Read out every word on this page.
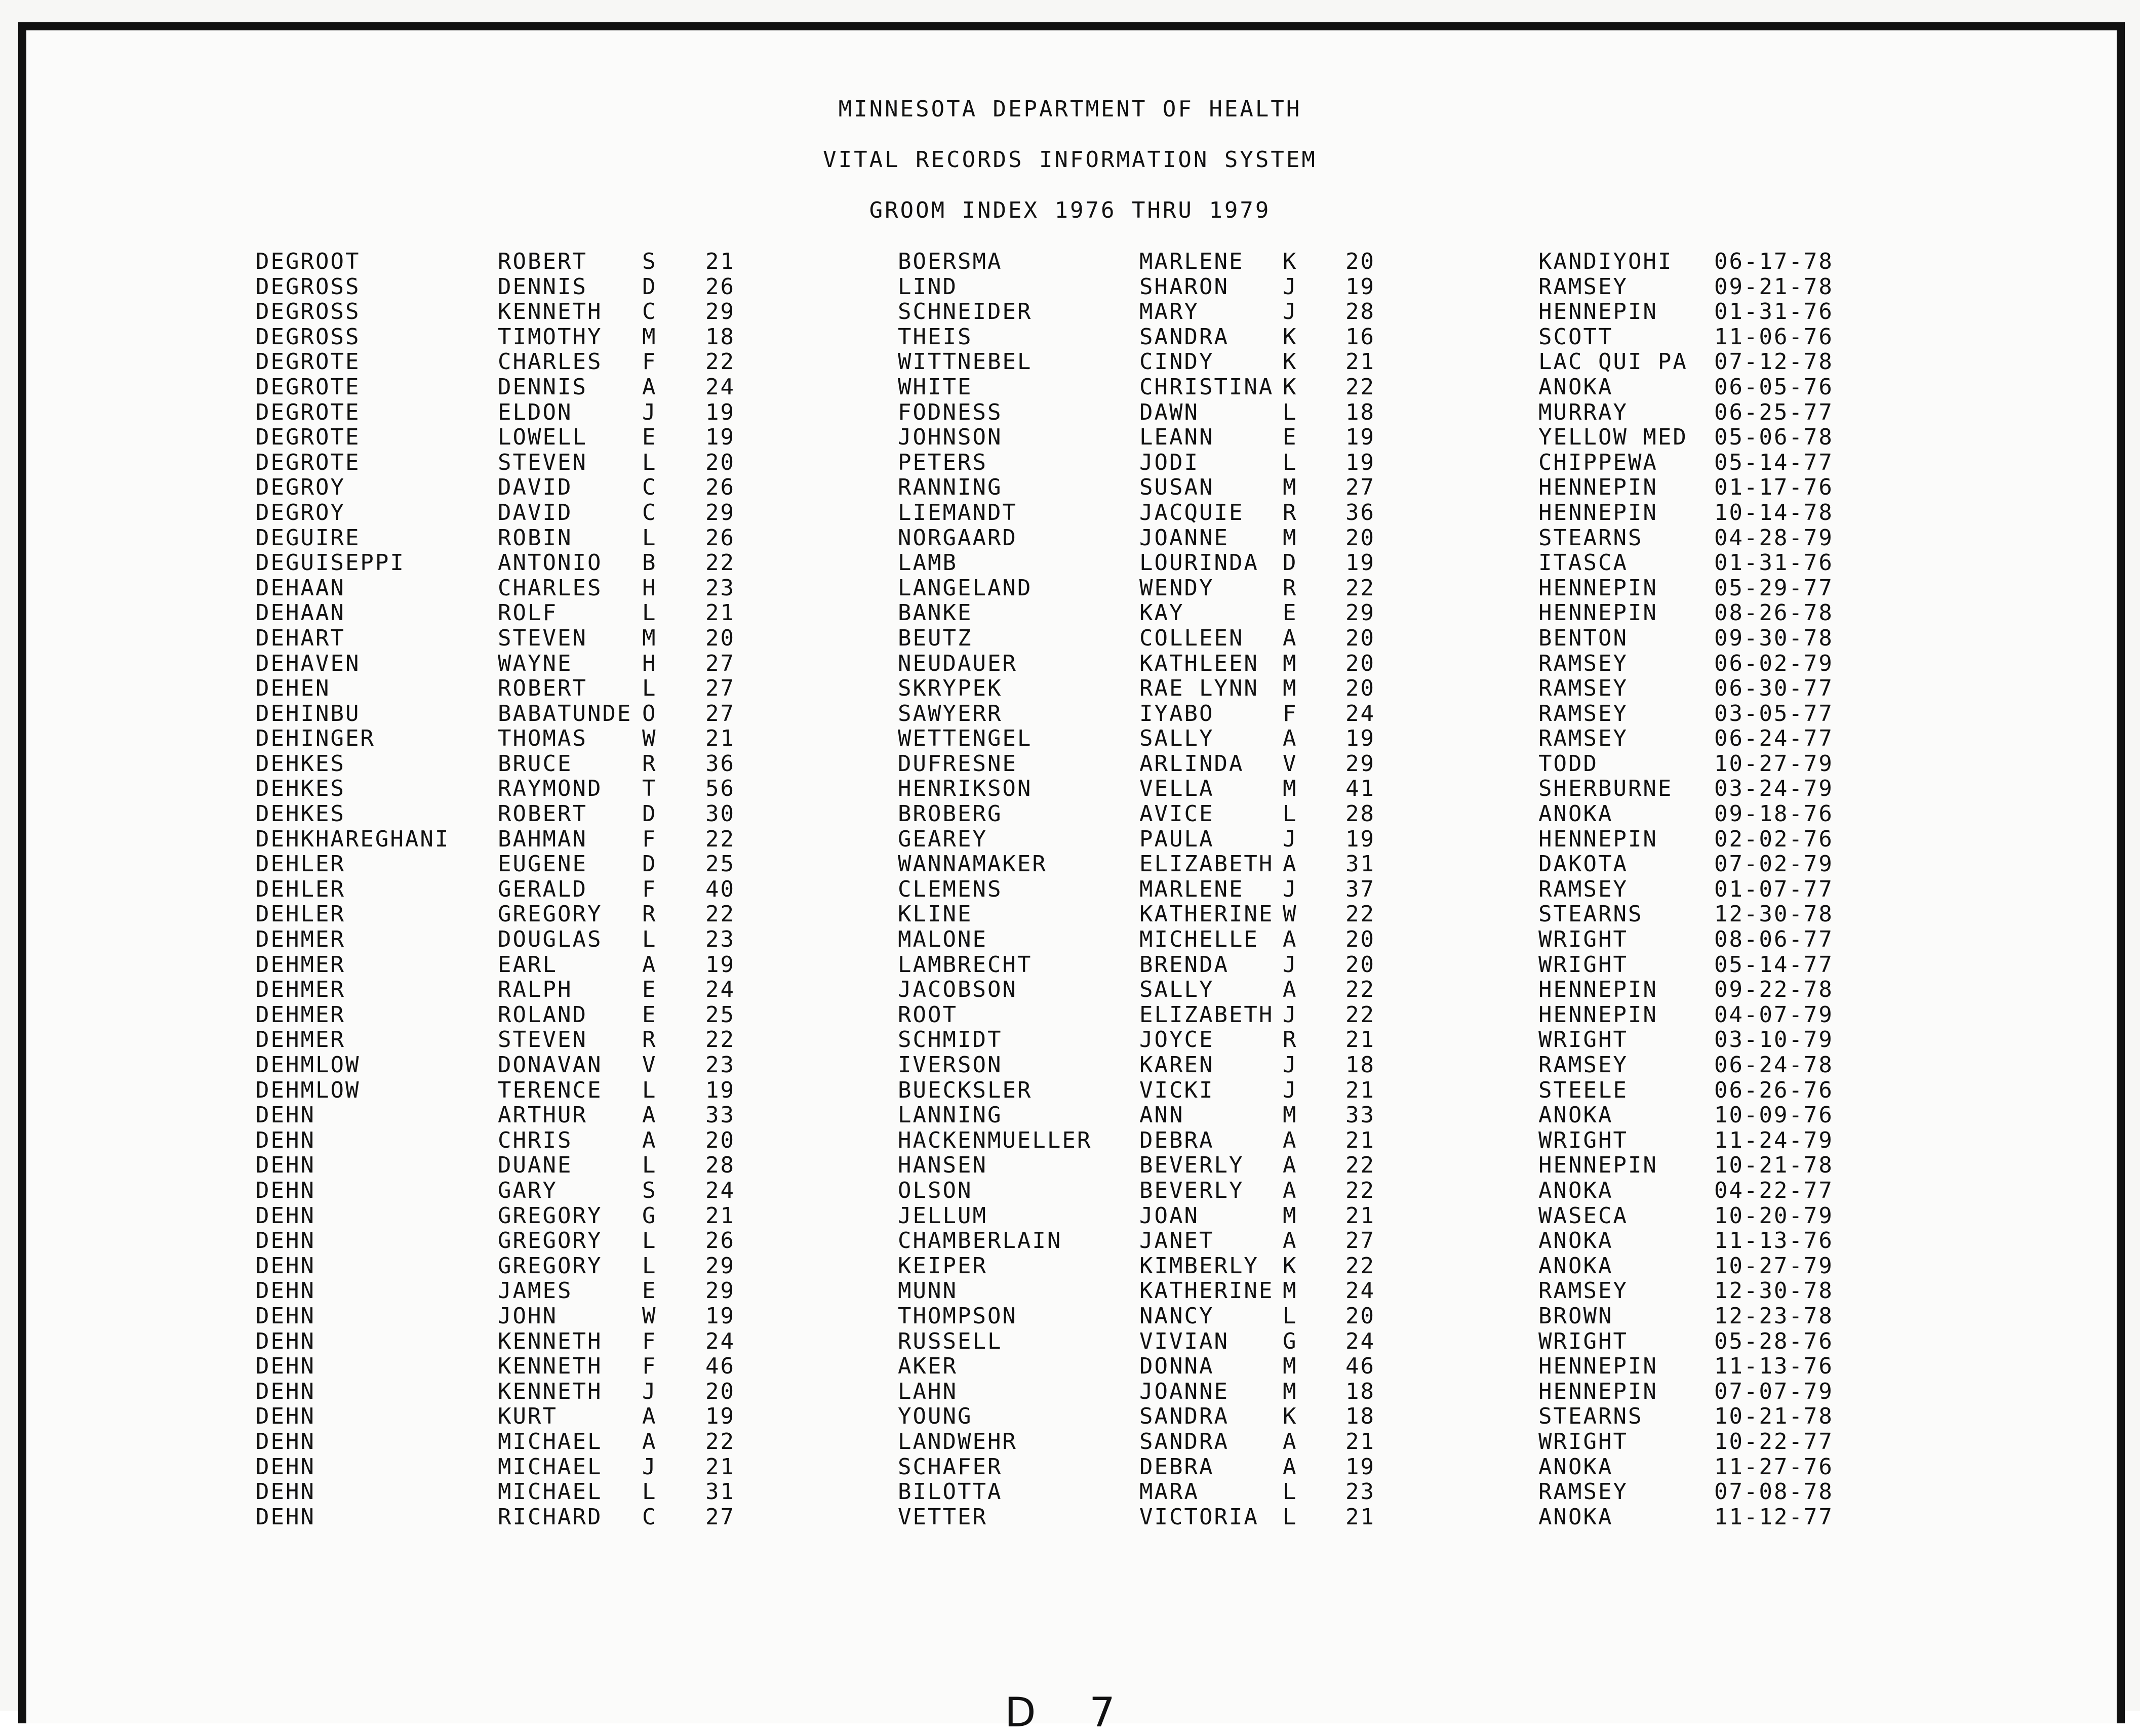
MINNESOTA DEPARTMENT OF HEALTH
VITAL RECORDS INFORMATION SYSTEM
GROOM INDEX 1976 THRU 1979
DEGROOT	ROBERT S 21	BOERSMA	MARLENE K 20	KANDIYOHI 06-17-78
DEGROSS	DENNIS D 26	LIND	SHARON J 19	RAMSEY	09-21-78
DEGROSS	KENNETH C 29	SCHNEIDER	MARY	J 28	HENNEPIN	01-31-76
DEGROSS	TIMOTHY M 18	THEIS	SANDRA K 16	SCOTT	11-06-76
DEGROTE	CHARLES F 22	WITTNEBEL	CINDY	K 21	LAC QUI PA 07-12-78
DEGROTE	DENNIS A 24	WHITE	CHRISTINA K 22	ANOKA	06-05-76
DEGROTE	ELDON	J 19	FODNESS	DAWN	L 18	MURRAY	06-25-77
DEGROTE	LOWELL E 19	JOHNSON	LEANN	E 19	YELLOW MED 05-06-78
DEGROTE	STEVEN L 20	PETERS	JODI	L 19	CHIPPEWA	05-14-77
DEGROY	DAVID	C 26	RANNING	SUSAN	M 27	HENNEPIN	01-17-76
DEGROY	DAVID	C 29	LIEMANDT	JACQUIE R 36	HENNEPIN	10-14-78
DEGUIRE	ROBIN	L 26	NORGAARD	JOANNE M 20	STEARNS	04-28-79
DEGUISEPPI	ANTONIO B 22	LAMB	LOURINDA D 19	ITASCA	01-31-76
DEHAAN	CHARLES H 23	LANGELAND	WENDY	R 22	HENNEPIN	05-29-77
DEHAAN	ROLF	L 21	BANKE	KAY	E 29	HENNEPIN	08-26-78
DEHART	STEVEN M 20	BEUTZ	COLLEEN A 20	BENTON	09-30-78
DEHAVEN	WAYNE	H 27	NEUDAUER	KATHLEEN M 20	RAMSEY	06-02-79
DEHEN	ROBERT L 27	SKRYPEK	RAE LYNN M 20	RAMSEY	06-30-77
DEHINBU	BABATUNDE O 27	SAWYERR	IYABO	F 24	RAMSEY	03-05-77
DEHINGER	THOMAS W 21	WETTENGEL	SALLY	A 19	RAMSEY	06-24-77
DEHKES	BRUCE	R 36	DUFRESNE	ARLINDA V 29	TODD	10-27-79
DEHKES	RAYMOND T 56	HENRIKSON	VELLA	M 41	SHERBURNE 03-24-79
DEHKES	ROBERT D 30	BROBERG	AVICE	L 28	ANOKA	09-18-76
DEHKHAREGHANI BAHMAN F 22	GEAREY	PAULA	J 19	HENNEPIN	02-02-76
DEHLER	EUGENE D 25	WANNAMAKER	ELIZABETH A 31	DAKOTA	07-02-79
DEHLER	GERALD F 40	CLEMENS	MARLENE J 37	RAMSEY	01-07-77
DEHLER	GREGORY R 22	KLINE	KATHERINE W 22	STEARNS	12-30-78
DEHMER	DOUGLAS L 23	MALONE	MICHELLE A 20	WRIGHT	08-06-77
DEHMER	EARL	A 19	LAMBRECHT	BRENDA J 20	WRIGHT	05-14-77
DEHMER	RALPH	E 24	JACOBSON	SALLY	A 22	HENNEPIN	09-22-78
DEHMER	ROLAND E 25	ROOT	ELIZABETH J 22	HENNEPIN	04-07-79
DEHMER	STEVEN R 22	SCHMIDT	JOYCE	R 21	WRIGHT	03-10-79
DEHMLOW	DONAVAN V 23	IVERSON	KAREN	J 18	RAMSEY	06-24-78
DEHMLOW	TERENCE L 19	BUECKSLER	VICKI	J 21	STEELE	06-26-76
DEHN	ARTHUR A 33	LANNING	ANN	M 33	ANOKA	10-09-76
DEHN	CHRIS	A 20	HACKENMUELLER DEBRA	A 21	WRIGHT	11-24-79
DEHN	DUANE	L 28	HANSEN	BEVERLY A 22	HENNEPIN	10-21-78
DEHN	GARY	S 24	OLSON	BEVERLY A 22	ANOKA	04-22-77
DEHN	GREGORY G 21	JELLUM	JOAN	M 21	WASECA	10-20-79
DEHN	GREGORY L 26	CHAMBERLAIN	JANET	A 27	ANOKA	11-13-76
DEHN	GREGORY L 29	KEIPER	KIMBERLY K 22	ANOKA	10-27-79
DEHN	JAMES	E 29	MUNN	KATHERINE M 24	RAMSEY	12-30-78
DEHN	JOHN	W 19	THOMPSON	NANCY	L 20	BROWN	12-23-78
DEHN	KENNETH F 24	RUSSELL	VIVIAN G 24	WRIGHT	05-28-76
DEHN	KENNETH F 46	AKER	DONNA	M 46	HENNEPIN	11-13-76
DEHN	KENNETH J 20	LAHN	JOANNE M 18	HENNEPIN	07-07-79
DEHN	KURT	A 19	YOUNG	SANDRA K 18	STEARNS	10-21-78
DEHN	MICHAEL A 22	LANDWEHR	SANDRA A 21	WRIGHT	10-22-77
DEHN	MICHAEL J 21	SCHAFER	DEBRA	A 19	ANOKA	11-27-76
DEHN	MICHAEL L 31	BILOTTA	MARA	L 23	RAMSEY	07-08-78
DEHN	RICHARD C 27	VETTER	VICTORIA L 21	ANOKA	11-12-77
D 7
